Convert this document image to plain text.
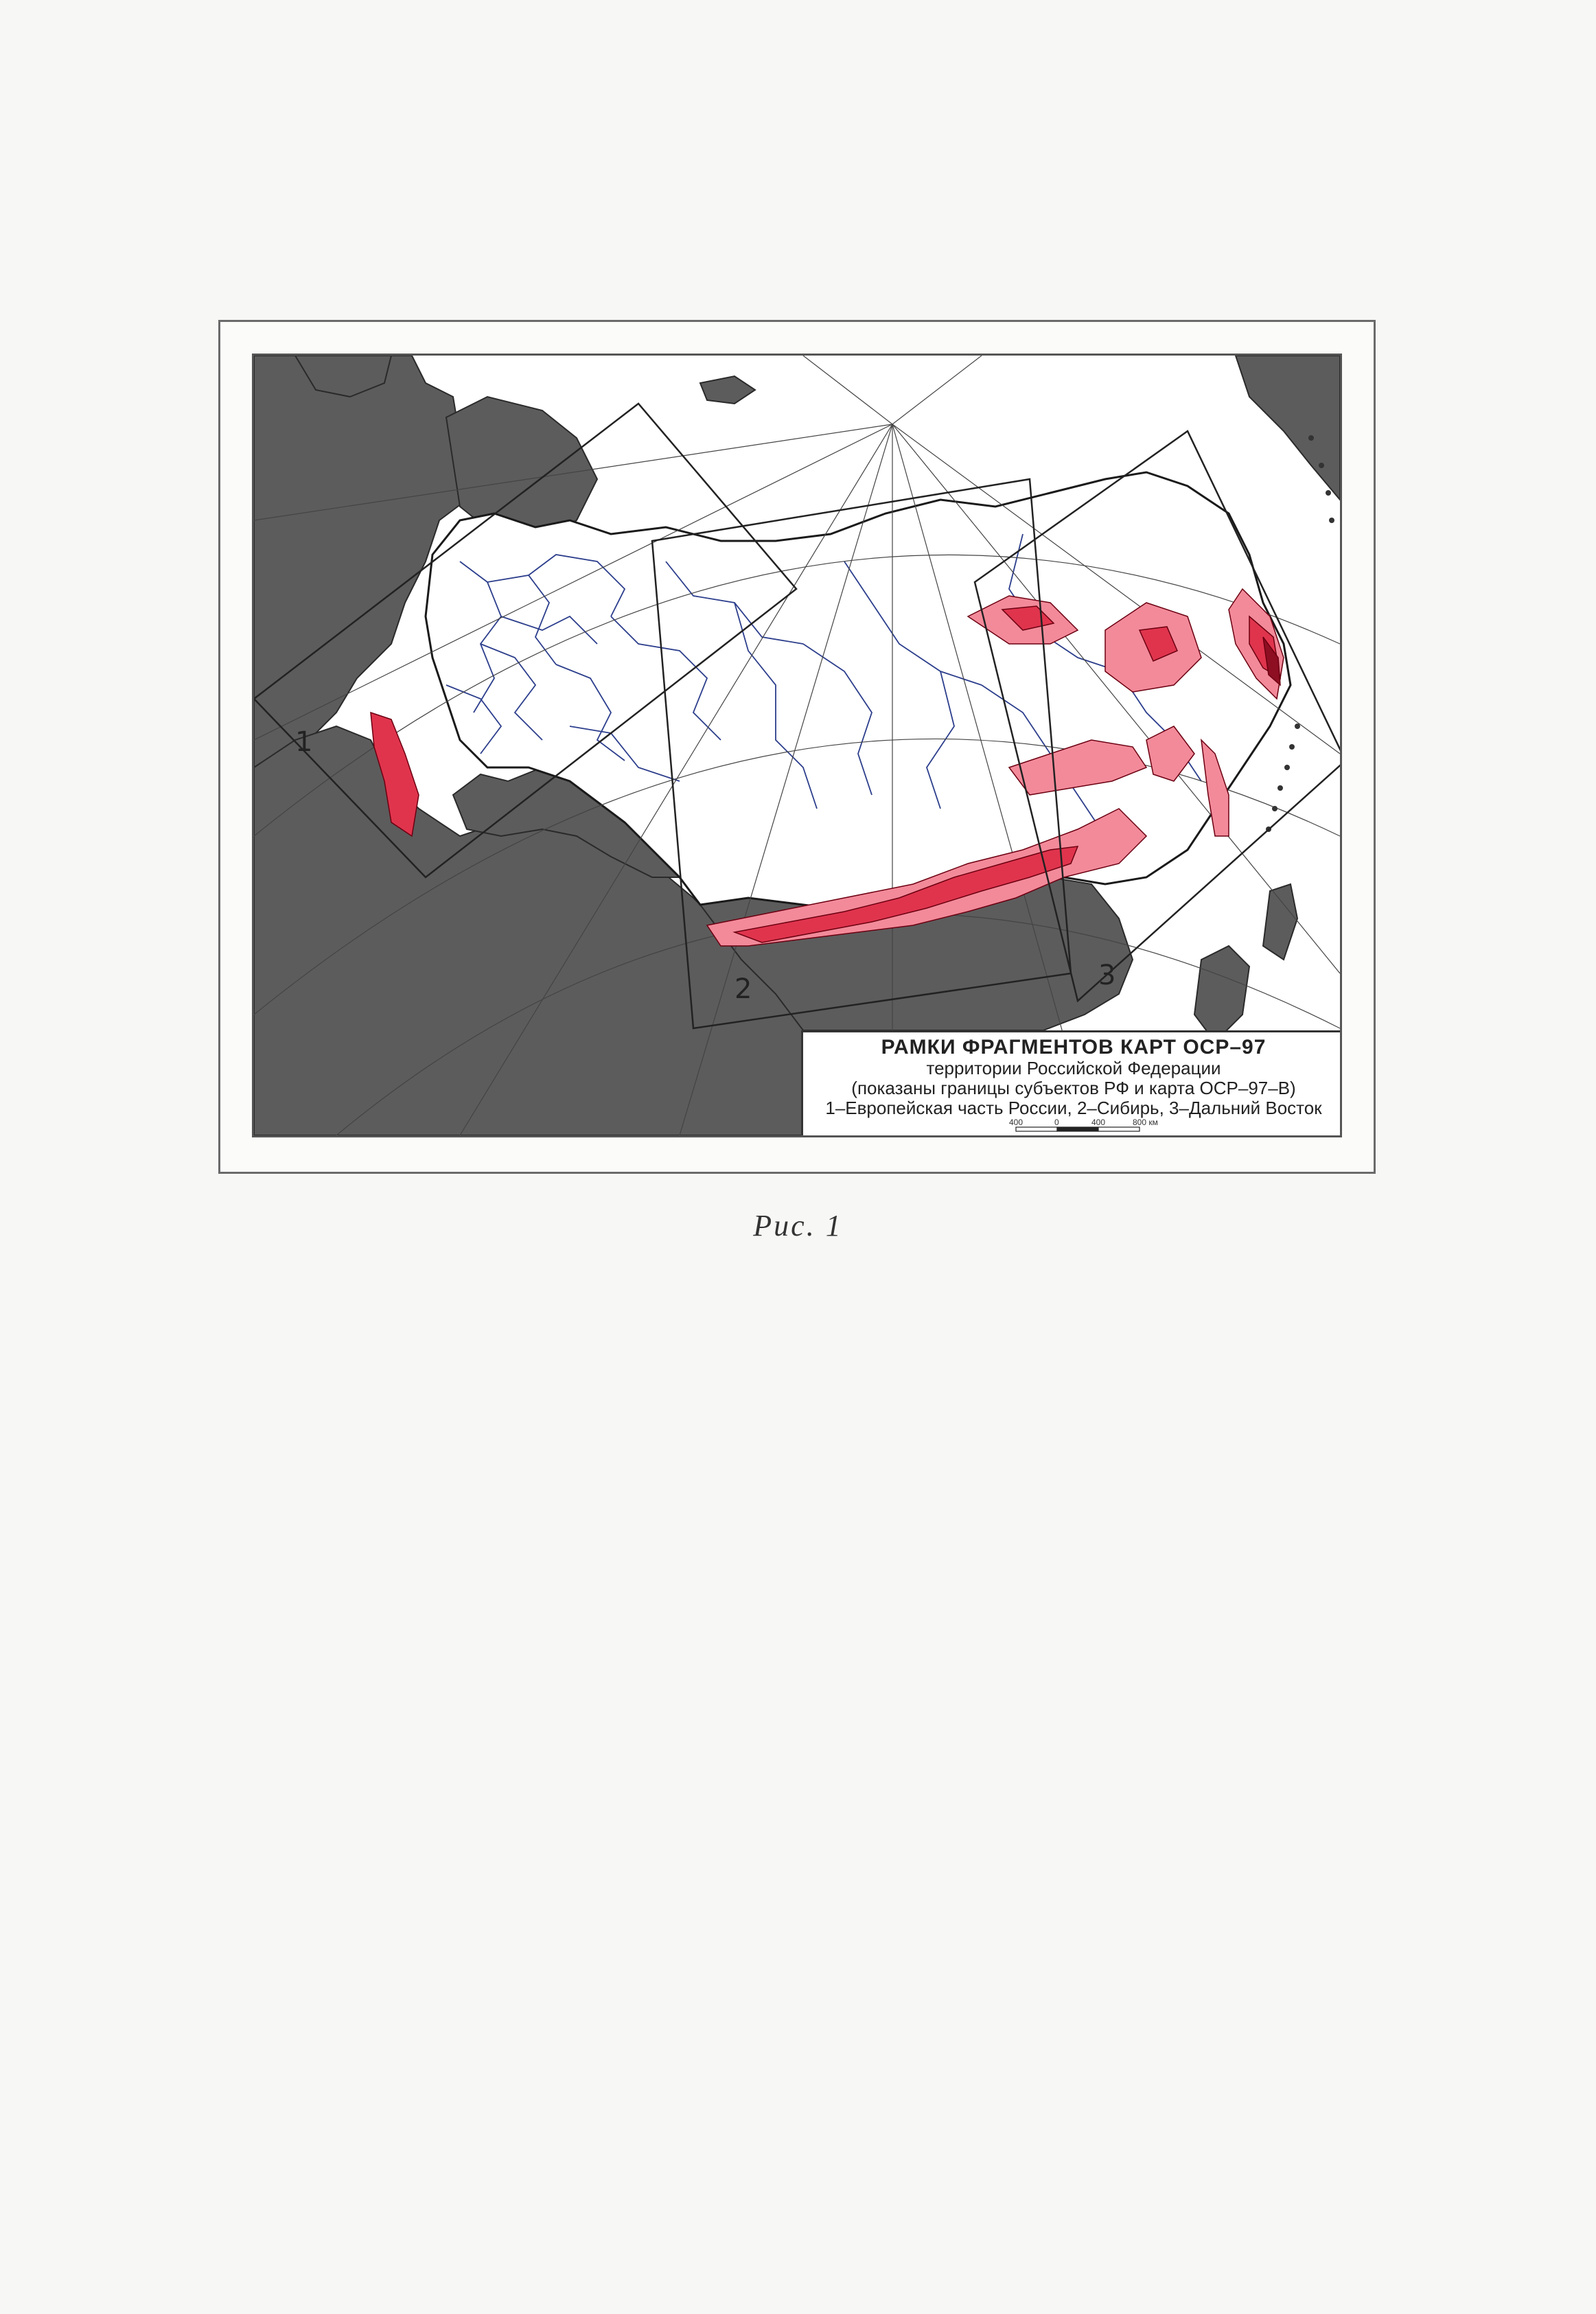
1
2	3
РАМКИ ФРАГМЕНТОВ КАРТ ОСР–97
территории Российской Федерации
(показаны границы субъектов РФ и карта ОСР–97–В)
1–Европейская часть России, 2–Сибирь, 3–Дальний Восток
400	0	400	800 км
Рис. 1
